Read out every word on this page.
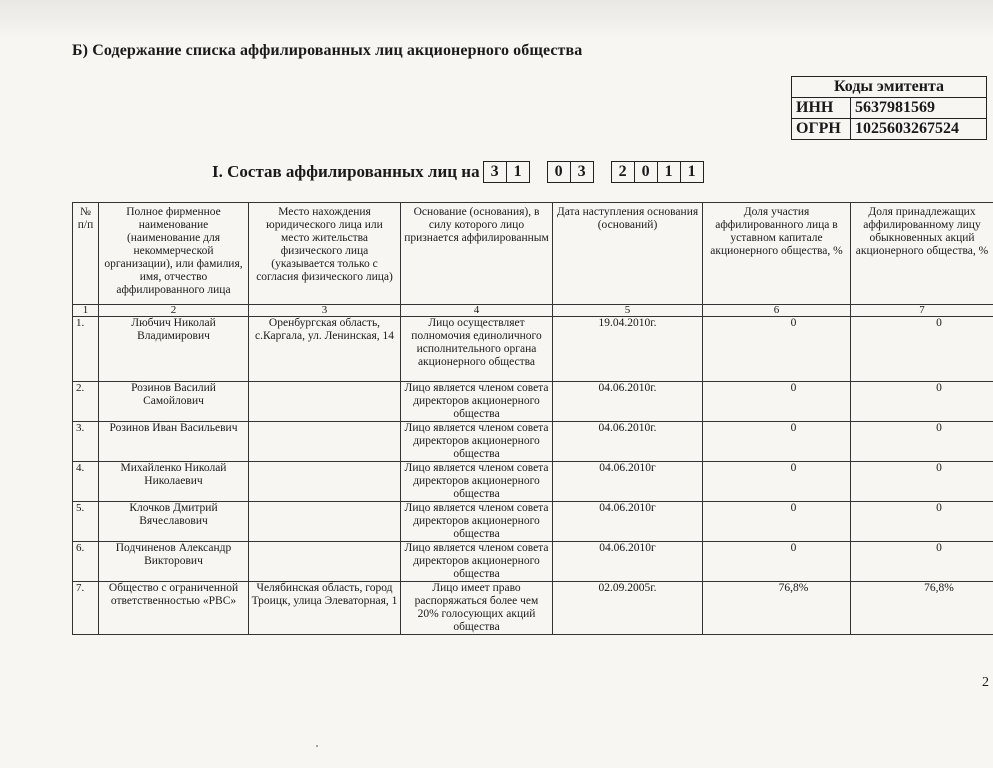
Б) Содержание списка аффилированных лиц акционерного общества
Коды эмитента	
ИНН	5637981569
ОГРН	1025603267524
I. Состав аффилированных лиц на 3 1	0 3	2 0 1 1
№ п/п	Полное фирменное наименование (наименование для некоммерческой организации), или фамилия, имя, отчество аффилированного лица	Место нахождения юридического лица или место жительства физического лица (указывается только с согласия физического лица)	Основание (основания), в силу которого лицо признается аффилированным	Дата наступления основания (оснований)	Доля участия аффилированного лица в уставном капитале акционерного общества, %	Доля принадлежащих аффилированному лицу обыкновенных акций акционерного общества, %
1	2	3	4	5	6	7
1.	Любчич Николай Владимирович	Оренбургская область, с.Каргала, ул. Ленинская, 14	Лицо осуществляет полномочия единоличного исполнительного органа акционерного общества	19.04.2010г.	0	0
2.	Розинов Василий Самойлович		Лицо является членом совета директоров акционерного общества	04.06.2010г.	0	0
3.	Розинов Иван Васильевич		Лицо является членом совета директоров акционерного общества	04.06.2010г.	0	0
4.	Михайленко Николай Николаевич		Лицо является членом совета директоров акционерного общества	04.06.2010г	0	0
5.	Клочков Дмитрий Вячеславович		Лицо является членом совета директоров акционерного общества	04.06.2010г	0	0
6.	Подчиненов Александр Викторович		Лицо является членом совета директоров акционерного общества	04.06.2010г	0	0
7.	Общество с ограниченной ответственностью «РВС»	Челябинская область, город Троицк, улица Элеваторная, 1	Лицо имеет право распоряжаться более чем 20% голосующих акций общества	02.09.2005г.	76,8%	76,8%
2
